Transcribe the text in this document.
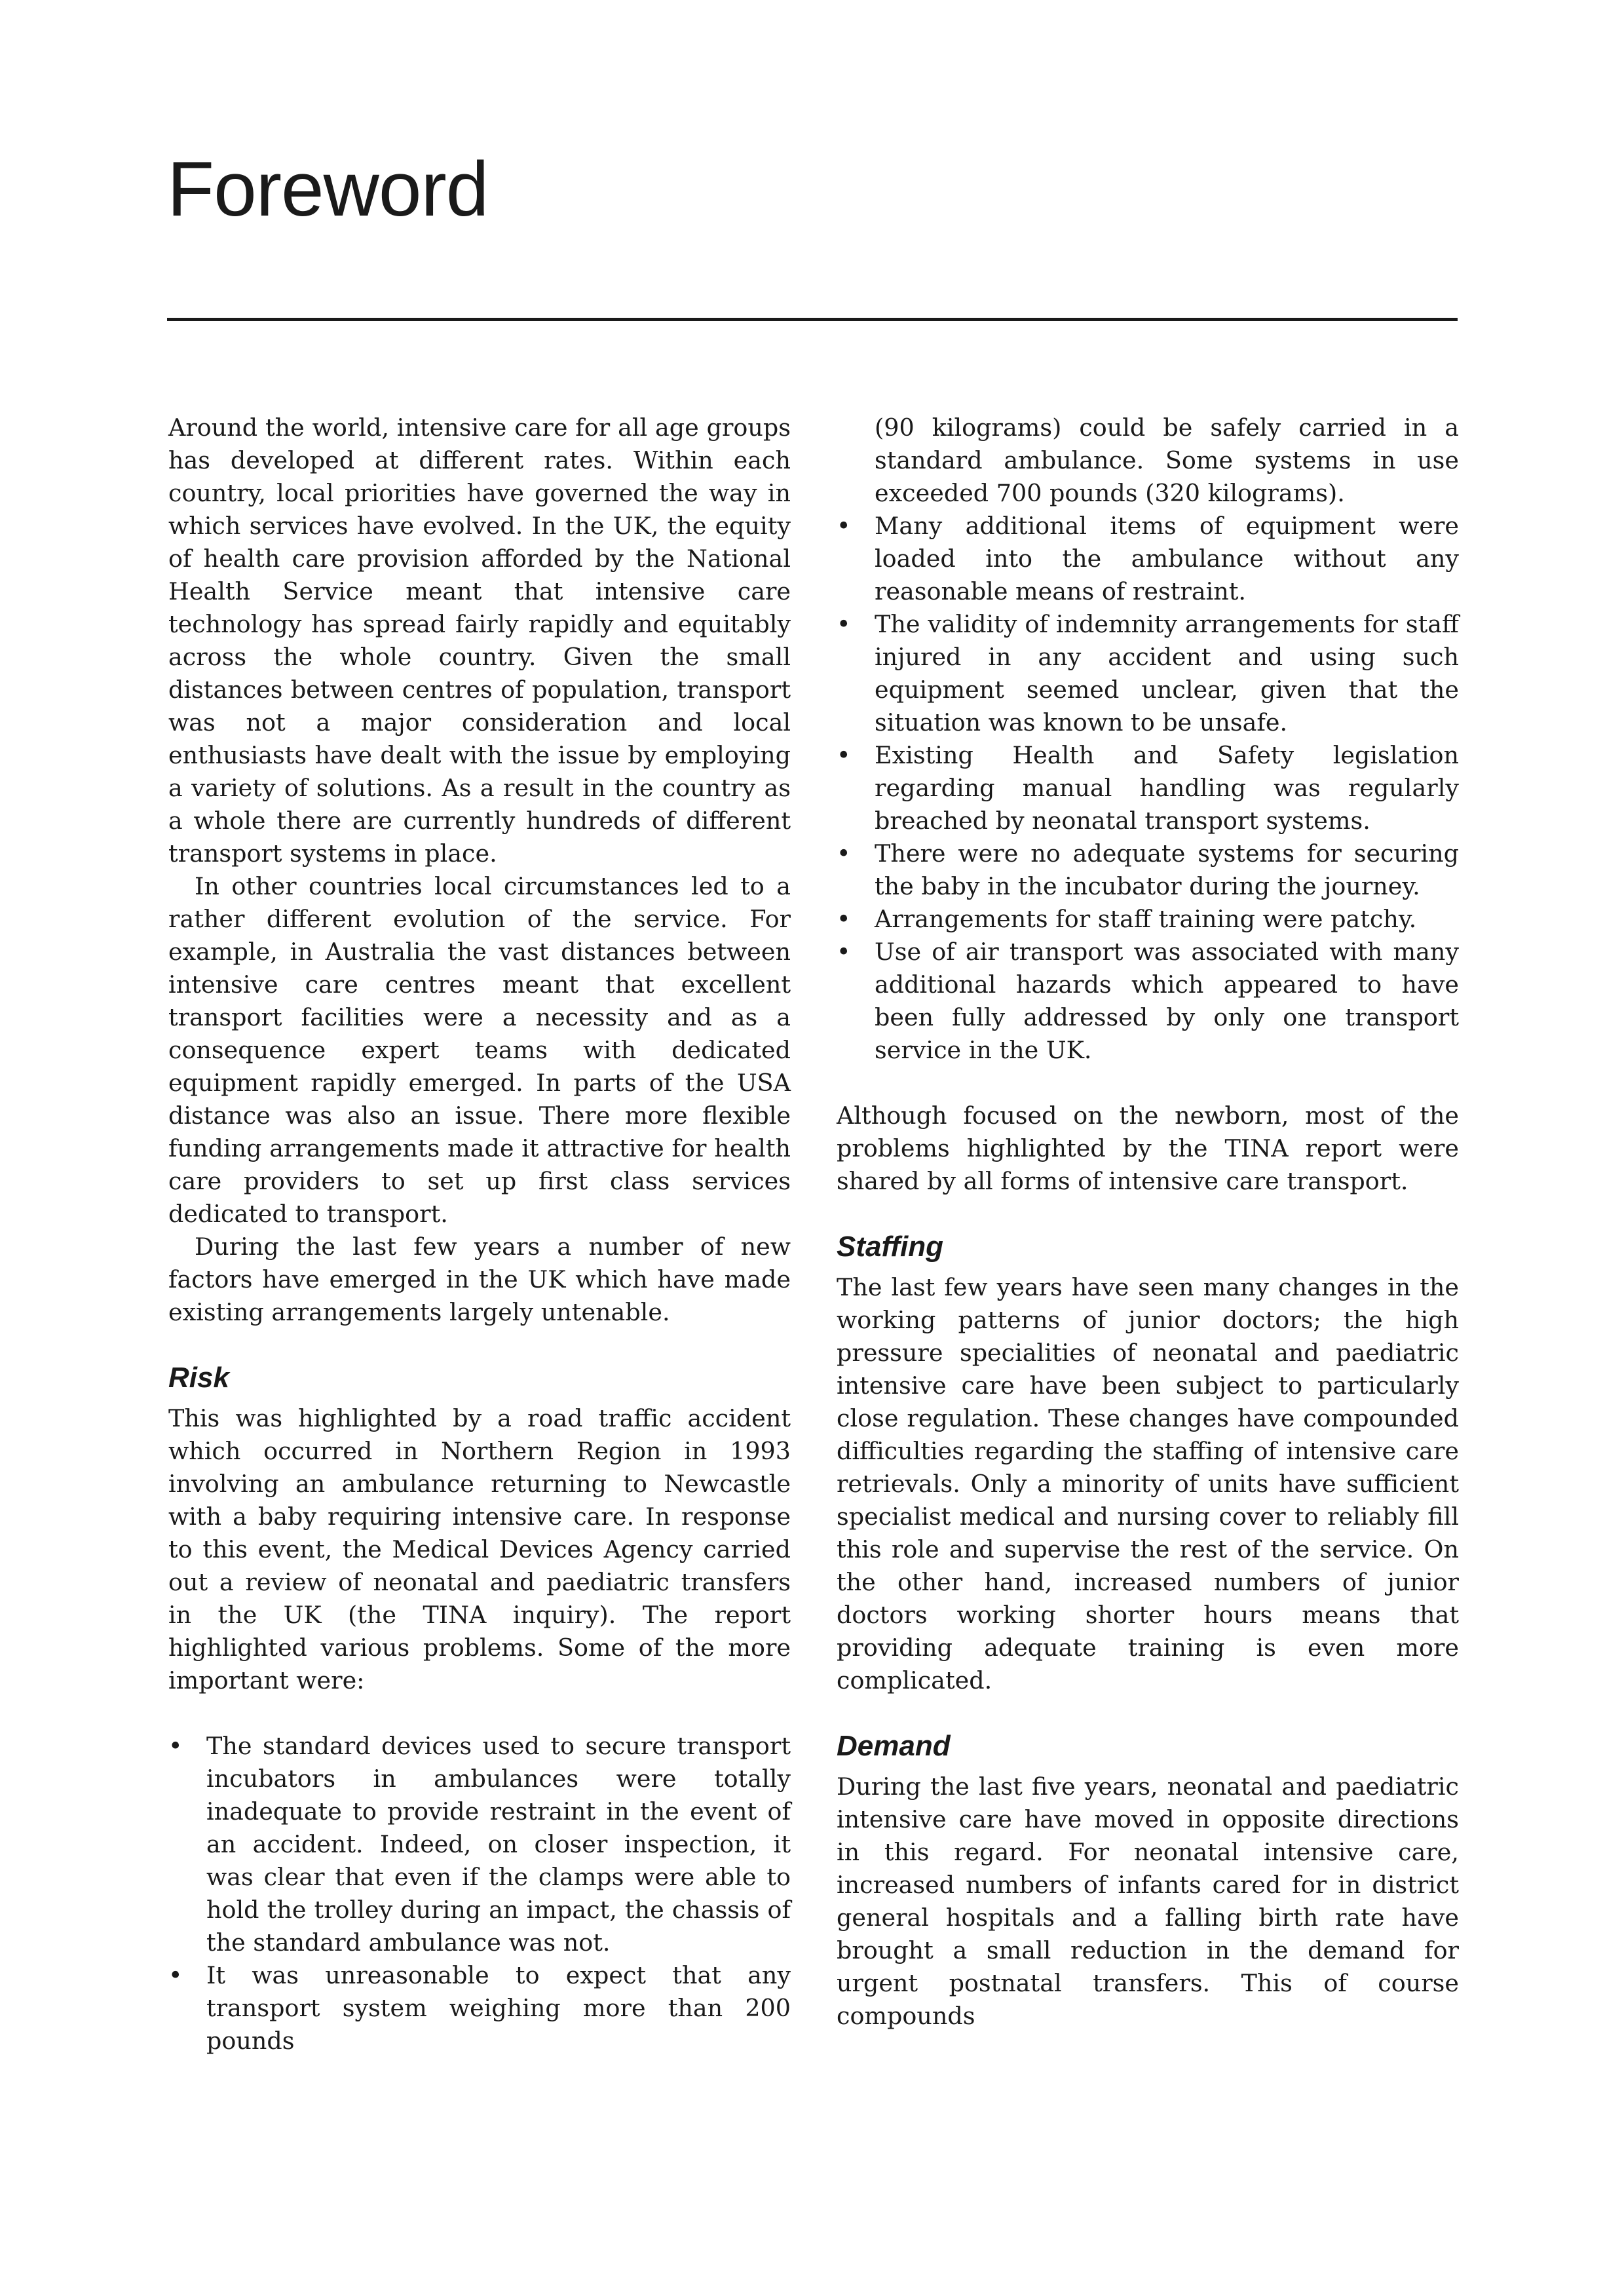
Foreword

Around the world, intensive care for all age groups has developed at different rates. Within each country, local priorities have governed the way in which services have evolved. In the UK, the equity of health care provision afforded by the National Health Service meant that intensive care technology has spread fairly rapidly and equitably across the whole country. Given the small distances between centres of population, transport was not a major consideration and local enthusiasts have dealt with the issue by employing a variety of solutions. As a result in the country as a whole there are currently hundreds of different transport systems in place.

In other countries local circumstances led to a rather different evolution of the service. For example, in Australia the vast distances between intensive care centres meant that excellent transport facilities were a necessity and as a consequence expert teams with dedicated equipment rapidly emerged. In parts of the USA distance was also an issue. There more flexible funding arrangements made it attractive for health care providers to set up first class services dedicated to transport.

During the last few years a number of new factors have emerged in the UK which have made existing arrangements largely untenable.

Risk

This was highlighted by a road traffic accident which occurred in Northern Region in 1993 involving an ambulance returning to Newcastle with a baby requiring intensive care. In response to this event, the Medical Devices Agency carried out a review of neonatal and paediatric transfers in the UK (the TINA inquiry). The report highlighted various problems. Some of the more important were:

• The standard devices used to secure transport incubators in ambulances were totally inadequate to provide restraint in the event of an accident. Indeed, on closer inspection, it was clear that even if the clamps were able to hold the trolley during an impact, the chassis of the standard ambulance was not.
• It was unreasonable to expect that any transport system weighing more than 200 pounds
(90 kilograms) could be safely carried in a standard ambulance. Some systems in use exceeded 700 pounds (320 kilograms).
• Many additional items of equipment were loaded into the ambulance without any reasonable means of restraint.
• The validity of indemnity arrangements for staff injured in any accident and using such equipment seemed unclear, given that the situation was known to be unsafe.
• Existing Health and Safety legislation regarding manual handling was regularly breached by neonatal transport systems.
• There were no adequate systems for securing the baby in the incubator during the journey.
• Arrangements for staff training were patchy.
• Use of air transport was associated with many additional hazards which appeared to have been fully addressed by only one transport service in the UK.

Although focused on the newborn, most of the problems highlighted by the TINA report were shared by all forms of intensive care transport.

Staffing

The last few years have seen many changes in the working patterns of junior doctors; the high pressure specialities of neonatal and paediatric intensive care have been subject to particularly close regulation. These changes have compounded difficulties regarding the staffing of intensive care retrievals. Only a minority of units have sufficient specialist medical and nursing cover to reliably fill this role and supervise the rest of the service. On the other hand, increased numbers of junior doctors working shorter hours means that providing adequate training is even more complicated.

Demand

During the last five years, neonatal and paediatric intensive care have moved in opposite directions in this regard. For neonatal intensive care, increased numbers of infants cared for in district general hospitals and a falling birth rate have brought a small reduction in the demand for urgent postnatal transfers. This of course compounds
